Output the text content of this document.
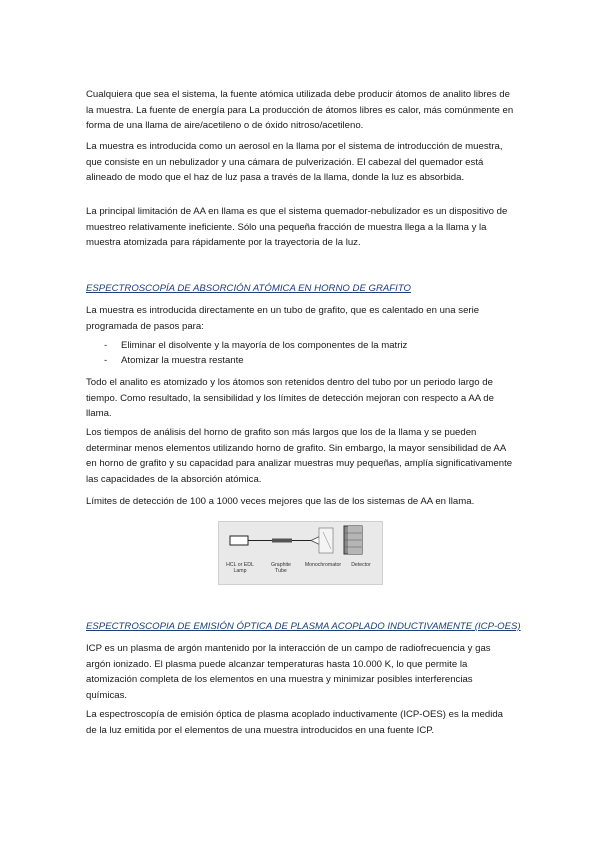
Cualquiera que sea el sistema, la fuente atómica utilizada debe producir átomos de analito libres de la muestra. La fuente de energía para La producción de átomos libres es calor, más comúnmente en forma de una llama de aire/acetileno o de óxido nitroso/acetileno.

La muestra es introducida como un aerosol en la llama por el sistema de introducción de muestra, que consiste en un nebulizador y una cámara de pulverización. El cabezal del quemador está alineado de modo que el haz de luz pasa a través de la llama, donde la luz es absorbida.

La principal limitación de AA en llama es que el sistema quemador-nebulizador es un dispositivo de muestreo relativamente ineficiente. Sólo una pequeña fracción de muestra llega a la llama y la muestra atomizada para rápidamente por la trayectoria de la luz.

ESPECTROSCOPÍA DE ABSORCIÓN ATÓMICA EN HORNO DE GRAFITO

La muestra es introducida directamente en un tubo de grafito, que es calentado en una serie programada de pasos para:

- Eliminar el disolvente y la mayoría de los componentes de la matriz
- Atomizar la muestra restante

Todo el analito es atomizado y los átomos son retenidos dentro del tubo por un periodo largo de tiempo. Como resultado, la sensibilidad y los límites de detección mejoran con respecto a AA de llama.

Los tiempos de análisis del horno de grafito son más largos que los de la llama y se pueden determinar menos elementos utilizando horno de grafito. Sin embargo, la mayor sensibilidad de AA en horno de grafito y su capacidad para analizar muestras muy pequeñas, amplía significativamente las capacidades de la absorción atómica.

Límites de detección de 100 a 1000 veces mejores que las de los sistemas de AA en llama.

HCL or EDL Lamp
Graphite Tube
Monochromator	Detector

ESPECTROSCOPIA DE EMISIÓN ÓPTICA DE PLASMA ACOPLADO INDUCTIVAMENTE (ICP-OES)

ICP es un plasma de argón mantenido por la interacción de un campo de radiofrecuencia y gas argón ionizado. El plasma puede alcanzar temperaturas hasta 10.000 K, lo que permite la atomización completa de los elementos en una muestra y minimizar posibles interferencias químicas.

La espectroscopía de emisión óptica de plasma acoplado inductivamente (ICP-OES) es la medida de la luz emitida por el elementos de una muestra introducidos en una fuente ICP.
